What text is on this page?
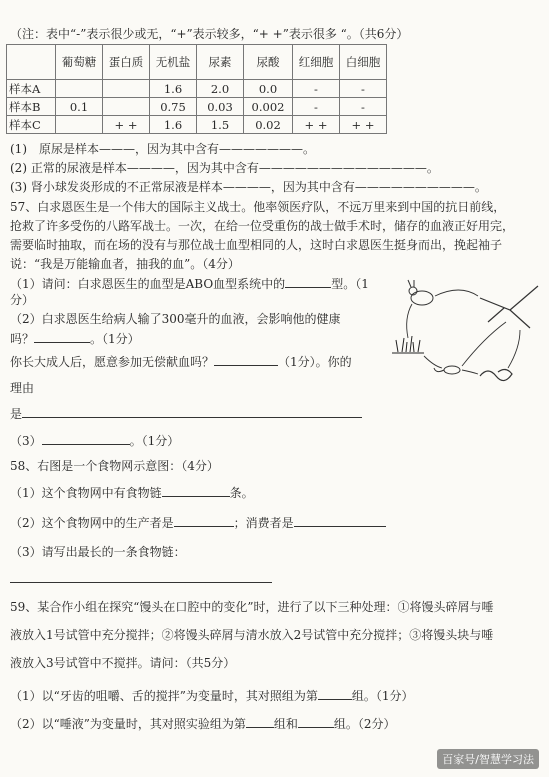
（注：表中“-”表示很少或无，“+”表示较多，“+ +”表示很多 “。（共6分）
	葡萄糖	蛋白质	无机盐	尿素	尿酸	红细胞	白细胞
样本A			1.6	2.0	0.0	-	-
样本B	0.1		0.75	0.03	0.002	-	-
样本C		+ +	1.6	1.5	0.02	+ +	+ +
(1)　原尿是样本———，因为其中含有———————。
(2) 正常的尿液是样本————，因为其中含有——————————————。
(3) 肾小球发炎形成的不正常尿液是样本————，因为其中含有——————————。
57、白求恩医生是一个伟大的国际主义战士。他率领医疗队，不远万里来到中国的抗日前线，
抢救了许多受伤的八路军战士。一次，在给一位受重伤的战士做手术时，储存的血液正好用完，
需要临时抽取，而在场的没有与那位战士血型相同的人，这时白求恩医生挺身而出，挽起袖子
说：“我是万能输血者，抽我的血”。（4分）
（1）请问：白求恩医生的血型是ABO血型系统中的	型。（1
分）
（2）白求恩医生给病人输了300毫升的血液，会影响他的健康
吗？	。（1分）
你长大成人后，愿意参加无偿献血吗？	（1分）。你的
理由
是
（3）	。（1分）
58、右图是一个食物网示意图：（4分）
（1）这个食物网中有食物链	条。
（2）这个食物网中的生产者是	；消费者是
（3）请写出最长的一条食物链：
59、某合作小组在探究“馒头在口腔中的变化”时，进行了以下三种处理：①将馒头碎屑与唾
液放入1号试管中充分搅拌；②将馒头碎屑与清水放入2号试管中充分搅拌；③将馒头块与唾
液放入3号试管中不搅拌。请问：（共5分）
（1）以“牙齿的咀嚼、舌的搅拌”为变量时，其对照组为第	组。（1分）
（2）以“唾液”为变量时，其对照实验组为第 组和	组。（2分）
百家号/智慧学习法
